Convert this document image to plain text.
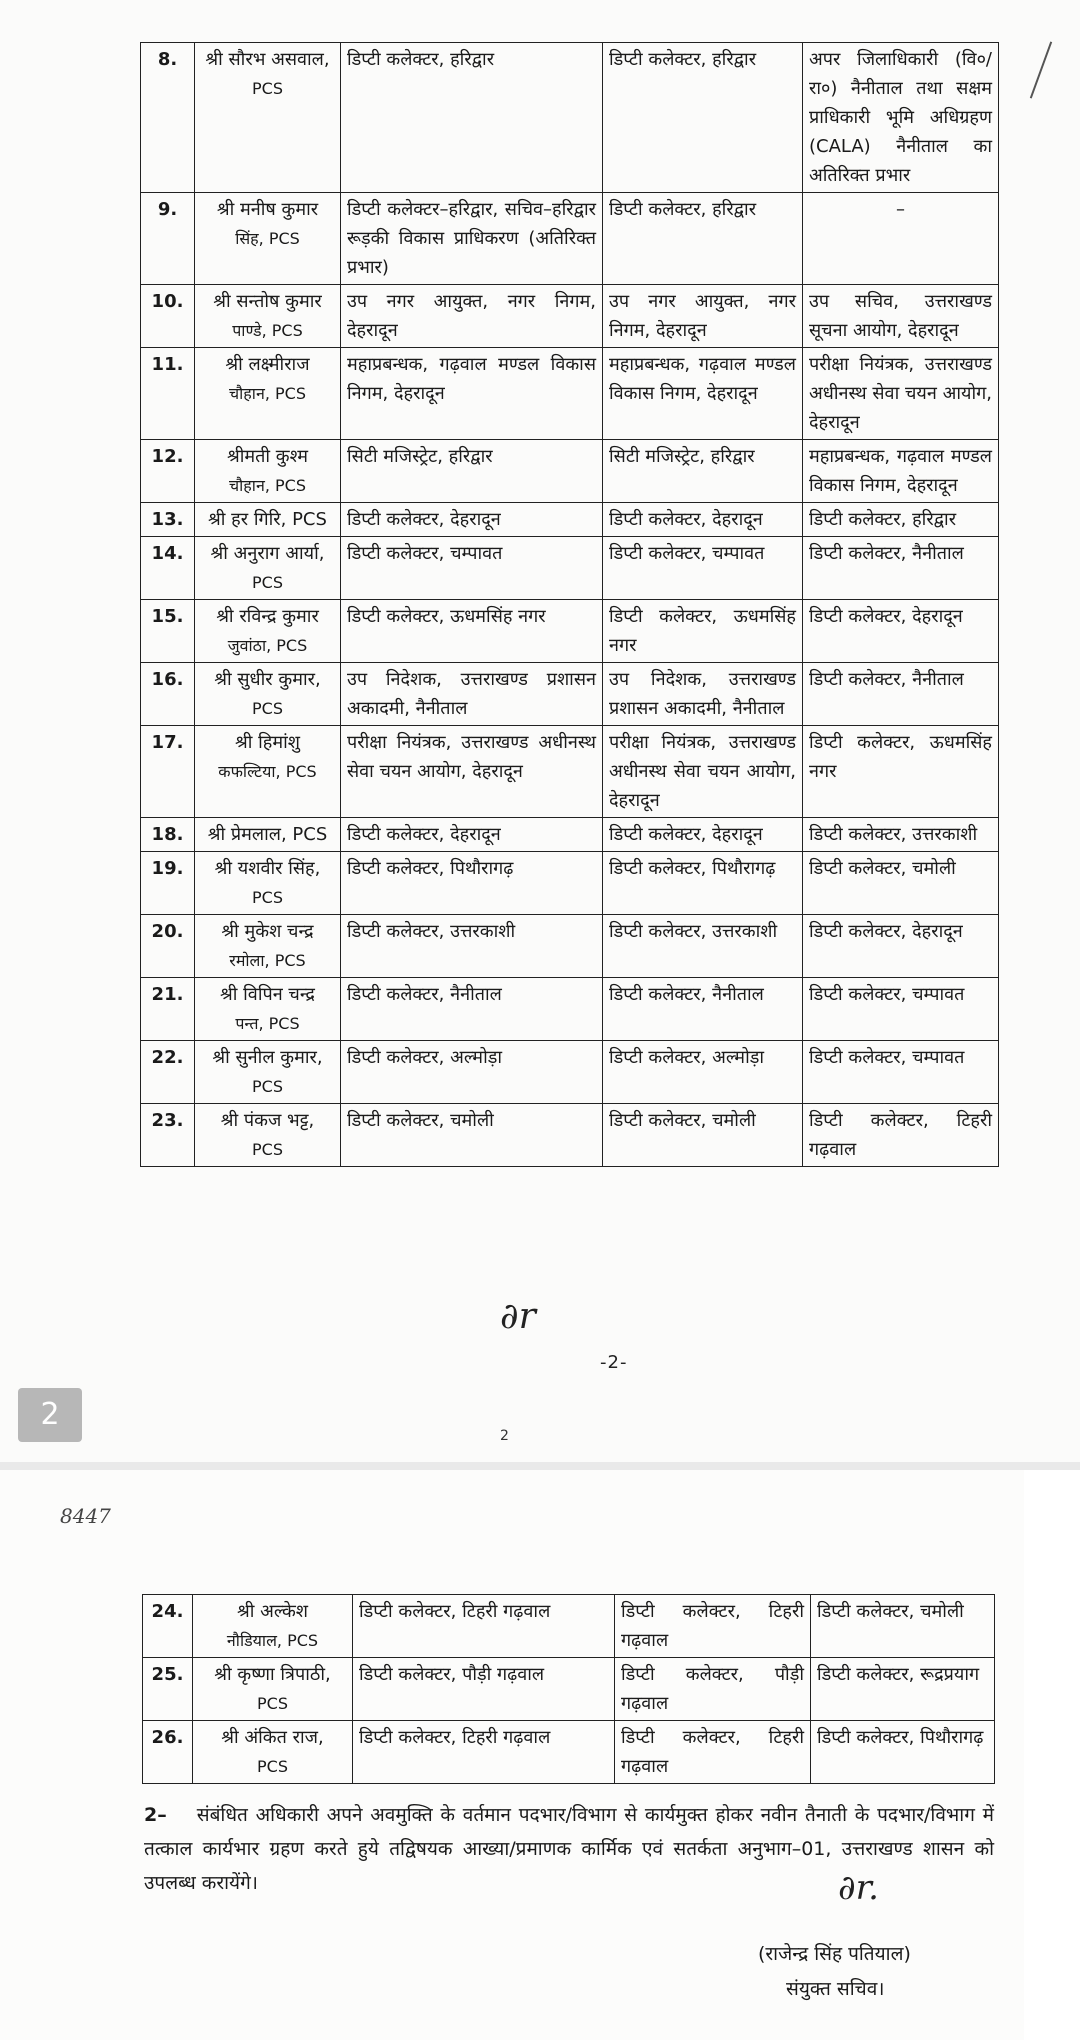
8.	श्री सौरभ असवाल,
PCS	डिप्टी कलेक्टर, हरिद्वार	डिप्टी कलेक्टर, हरिद्वार	अपर जिलाधिकारी (वि०/रा०) नैनीताल तथा सक्षम प्राधिकारी भूमि अधिग्रहण (CALA) नैनीताल का अतिरिक्त प्रभार
9.	श्री मनीष कुमार
सिंह, PCS	डिप्टी कलेक्टर–हरिद्वार, सचिव–हरिद्वार रूड़की विकास प्राधिकरण (अतिरिक्त प्रभार)	डिप्टी कलेक्टर, हरिद्वार	–
10.	श्री सन्तोष कुमार
पाण्डे, PCS	उप नगर आयुक्त, नगर निगम, देहरादून	उप नगर आयुक्त, नगर निगम, देहरादून	उप सचिव, उत्तराखण्ड सूचना आयोग, देहरादून
11.	श्री लक्ष्मीराज
चौहान, PCS	महाप्रबन्धक, गढ़वाल मण्डल विकास निगम, देहरादून	महाप्रबन्धक, गढ़वाल मण्डल विकास निगम, देहरादून	परीक्षा नियंत्रक, उत्तराखण्ड अधीनस्थ सेवा चयन आयोग, देहरादून
12.	श्रीमती कुश्म
चौहान, PCS	सिटी मजिस्ट्रेट, हरिद्वार	सिटी मजिस्ट्रेट, हरिद्वार	महाप्रबन्धक, गढ़वाल मण्डल विकास निगम, देहरादून
13.	श्री हर गिरि, PCS	डिप्टी कलेक्टर, देहरादून	डिप्टी कलेक्टर, देहरादून	डिप्टी कलेक्टर, हरिद्वार
14.	श्री अनुराग आर्या,
PCS	डिप्टी कलेक्टर, चम्पावत	डिप्टी कलेक्टर, चम्पावत	डिप्टी कलेक्टर, नैनीताल
15.	श्री रविन्द्र कुमार
जुवांठा, PCS	डिप्टी कलेक्टर, ऊधमसिंह नगर	डिप्टी कलेक्टर, ऊधमसिंह नगर	डिप्टी कलेक्टर, देहरादून
16.	श्री सुधीर कुमार,
PCS	उप निदेशक, उत्तराखण्ड प्रशासन अकादमी, नैनीताल	उप निदेशक, उत्तराखण्ड प्रशासन अकादमी, नैनीताल	डिप्टी कलेक्टर, नैनीताल
17.	श्री हिमांशु
कफल्टिया, PCS	परीक्षा नियंत्रक, उत्तराखण्ड अधीनस्थ सेवा चयन आयोग, देहरादून	परीक्षा नियंत्रक, उत्तराखण्ड अधीनस्थ सेवा चयन आयोग, देहरादून	डिप्टी कलेक्टर, ऊधमसिंह नगर
18.	श्री प्रेमलाल, PCS	डिप्टी कलेक्टर, देहरादून	डिप्टी कलेक्टर, देहरादून	डिप्टी कलेक्टर, उत्तरकाशी
19.	श्री यशवीर सिंह,
PCS	डिप्टी कलेक्टर, पिथौरागढ़	डिप्टी कलेक्टर, पिथौरागढ़	डिप्टी कलेक्टर, चमोली
20.	श्री मुकेश चन्द्र
रमोला, PCS	डिप्टी कलेक्टर, उत्तरकाशी	डिप्टी कलेक्टर, उत्तरकाशी	डिप्टी कलेक्टर, देहरादून
21.	श्री विपिन चन्द्र
पन्त, PCS	डिप्टी कलेक्टर, नैनीताल	डिप्टी कलेक्टर, नैनीताल	डिप्टी कलेक्टर, चम्पावत
22.	श्री सुनील कुमार,
PCS	डिप्टी कलेक्टर, अल्मोड़ा	डिप्टी कलेक्टर, अल्मोड़ा	डिप्टी कलेक्टर, चम्पावत
23.	श्री पंकज भट्ट,
PCS	डिप्टी कलेक्टर, चमोली	डिप्टी कलेक्टर, चमोली	डिप्टी कलेक्टर, टिहरी गढ़वाल
∂r
-2-
2
2
8447
24.	श्री अल्केश
नौडियाल, PCS	डिप्टी कलेक्टर, टिहरी गढ़वाल	डिप्टी कलेक्टर, टिहरी गढ़वाल	डिप्टी कलेक्टर, चमोली
25.	श्री कृष्णा त्रिपाठी,
PCS	डिप्टी कलेक्टर, पौड़ी गढ़वाल	डिप्टी कलेक्टर, पौड़ी गढ़वाल	डिप्टी कलेक्टर, रूद्रप्रयाग
26.	श्री अंकित राज,
PCS	डिप्टी कलेक्टर, टिहरी गढ़वाल	डिप्टी कलेक्टर, टिहरी गढ़वाल	डिप्टी कलेक्टर, पिथौरागढ़
2– संबंधित अधिकारी अपने अवमुक्ति के वर्तमान पदभार/विभाग से कार्यमुक्त होकर नवीन तैनाती के पदभार/विभाग में तत्काल कार्यभार ग्रहण करते हुये तद्विषयक आख्या/प्रमाणक कार्मिक एवं सतर्कता अनुभाग–01, उत्तराखण्ड शासन को उपलब्ध करायेंगे।	∂r.
(राजेन्द्र सिंह पतियाल)
संयुक्त सचिव।
